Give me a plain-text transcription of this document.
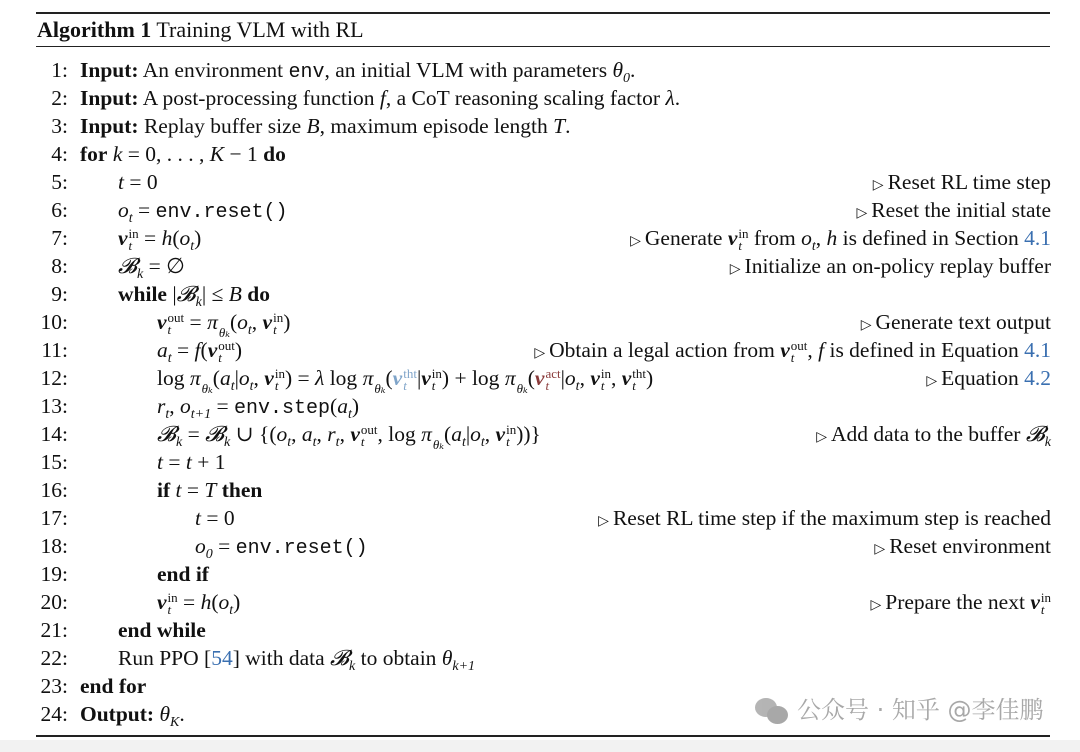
Algorithm 1 Training VLM with RL
1: Input: An environment env, an initial VLM with parameters $\theta_0$.
2: Input: A post-processing function f, a CoT reasoning scaling factor λ.
3: Input: Replay buffer size B, maximum episode length T.
4: for k = 0, . . . , K − 1 do
5: t = 0	▷ Reset RL time step
6: $o_t$ = env.reset()	▷ Reset the initial state
7: v in
$t = h(o_t)$	▷ Generate v in
t from $o_t$, h is defined in Section 4.1
8: 𝓑$_k$ = ∅	▷ Initialize an on-policy replay buffer
9: while |𝓑$_k$| ≤ B do
10:	v out
t = π θₖ ($o_t$, v in
t )	▷ Generate text output
11:	$a_t = f(v$ out
t )	▷ Obtain a legal action from v out
t , f is defined in Equation 4.1
12:	log π θₖ ($a_t|o_t$, v in
t ) = λ log π θₖ (v tht
t |v in
t ) + log π θₖ (v act
t $|o_t$, v in
t , v tht
t )	▷ Equation 4.2
13:	$r_t$, $o_{t+1}$ = $env.step(a_t)$
14:	𝓑$_k$ = 𝓑$_k$ ∪ {($o_t$, $a_t$, $r_t$, v out
t , log π θₖ ($a_t|o_t$, v in
t ))}	▷ Add data to the buffer 𝓑$_k$
15:	t = t + 1
16:	if t = T then
17:	t = 0	▷ Reset RL time step if the maximum step is reached
18:	$o_0$ = env.reset()	▷ Reset environment
19:	end if
20:	v in
$t = h(o_t)$	▷ Prepare the next v in
t
21: end while
22: Run PPO [54] with data 𝓑$_k$ to obtain $\theta_{k+1}$
23: end for
24: Output: $\theta_K$.	公众号 · 知乎 @李佳鹏
